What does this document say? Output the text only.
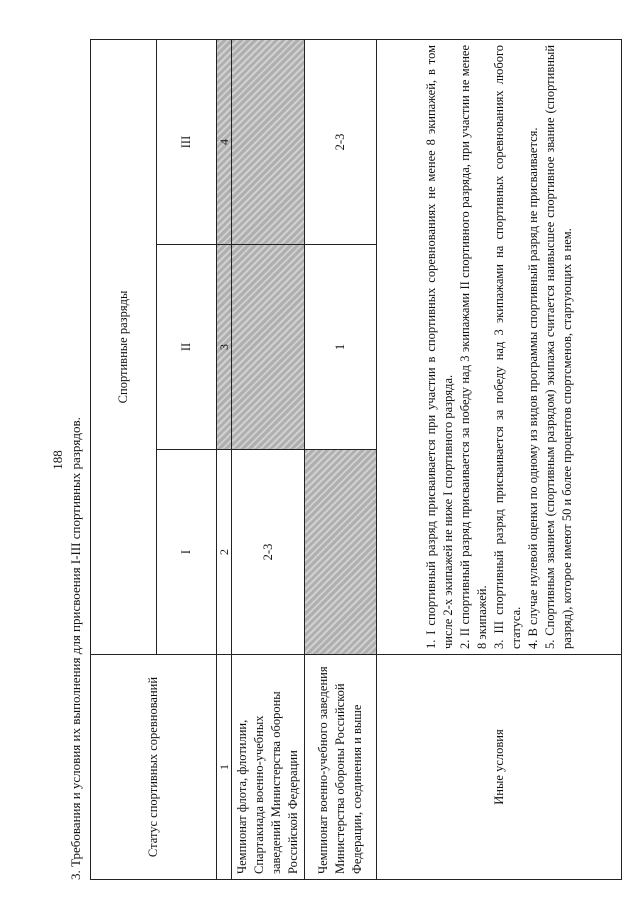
188 3. Требования и условия их выполнения для присвоения I-III спортивных разрядов.	Статус спортивных соревнований	Спортивные разряды		
	I	II	III
1	2	3	4
Чемпионат флота, флотилии, Спартакиада военно-учебных заведений Министерства обороны Российской Федерации	2-3		
Чемпионат военно-учебного заведения Министерства обороны Российской Федерации, соединения и выше		1	2-3
Иные условия	1. I спортивный разряд присваивается при участии в спортивных соревнованиях не менее 8 экипажей, в том числе 2-х экипажей не ниже I спортивного разряда. 2. II спортивный разряд присваивается за победу над 3 экипажами II спортивного разряда, при участии не менее 8 экипажей. 3. III спортивный разряд присваивается за победу над 3 экипажами на спортивных соревнованиях любого статуса. 4. В случае нулевой оценки по одному из видов программы спортивный разряд не присваивается. 5. Спортивным званием (спортивным разрядом) экипажа считается наивысшее спортивное звание (спортивный разряд), которое имеют 50 и более процентов спортсменов, стартующих в нем.		
